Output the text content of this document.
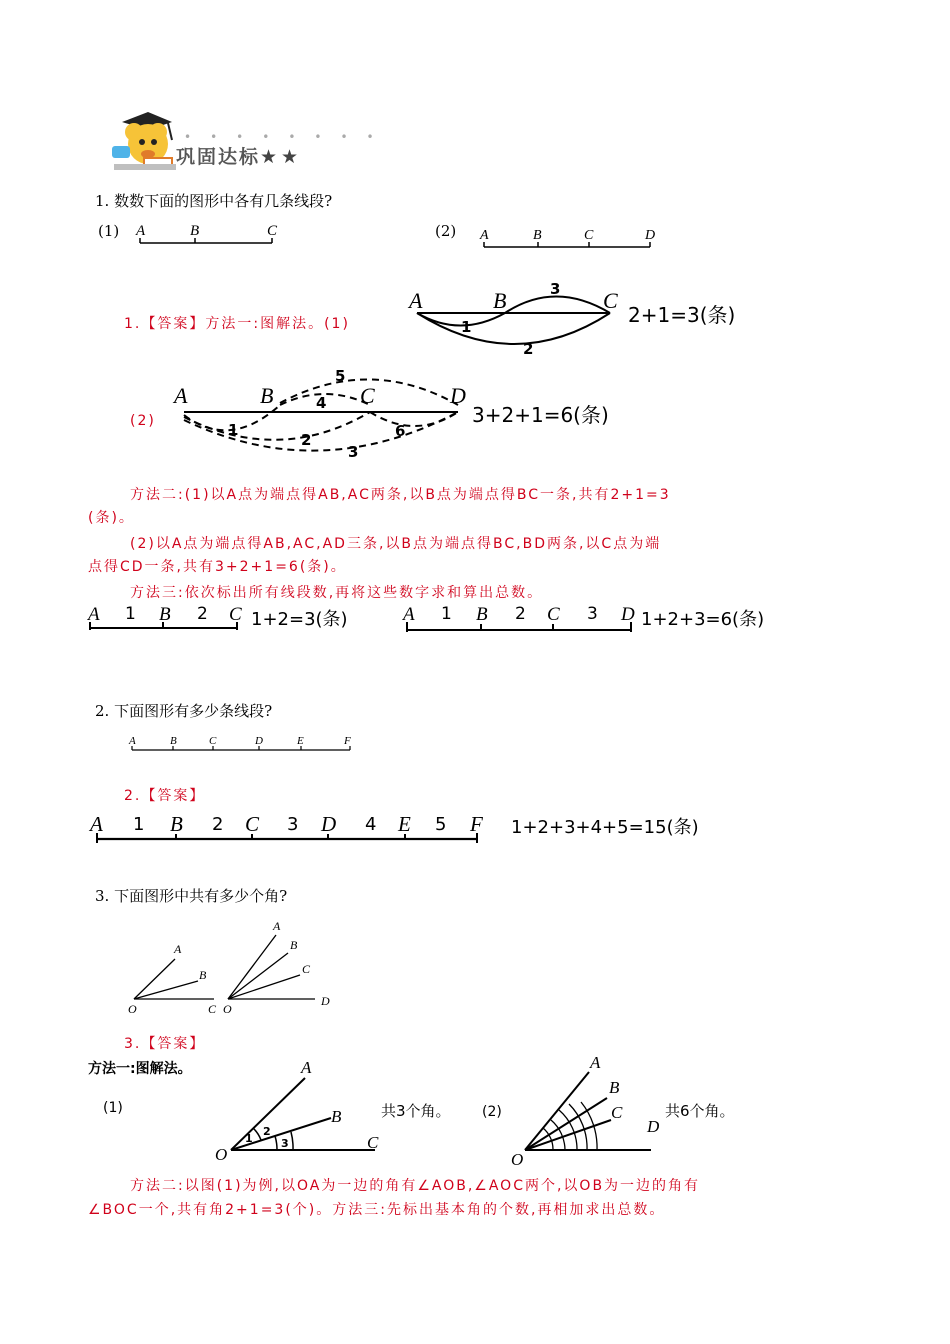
••••••••
巩固达标★★
1. 数数下面的图形中各有几条线段?
(1) A	B	C	(2) A	B	C	D
1.【答案】方法一:图解法。(1)
A	B	C
1
2
3
2+1=3(条)
(2)
A	B	C	D
1
2
3
4
5
6
3+2+1=6(条)
方法二:(1)以A点为端点得AB,AC两条,以B点为端点得BC一条,共有2+1=3
(条)。
(2)以A点为端点得AB,AC,AD三条,以B点为端点得BC,BD两条,以C点为端
点得CD一条,共有3+2+1=6(条)。
方法三:依次标出所有线段数,再将这些数字求和算出总数。
A 1 B 2 C 1+2=3(条)	A 1 B 2 C 3 D 1+2+3=6(条)
2. 下面图形有多少条线段?
A	B	C	D	E	F
2.【答案】
A 1 B 2 C 3 D 4 E 5 F 1+2+3+4+5=15(条)
3. 下面图形中共有多少个角?
A
B
O	C
A
B
C
O
D
3.【答案】
方法一:图解法。
(1)
A
B
C
O
1
2
3
共3个角。 (2)
A
B
C
D
O
共6个角。
方法二:以图(1)为例,以OA为一边的角有∠AOB,∠AOC两个,以OB为一边的角有
∠BOC一个,共有角2+1=3(个)。方法三:先标出基本角的个数,再相加求出总数。
